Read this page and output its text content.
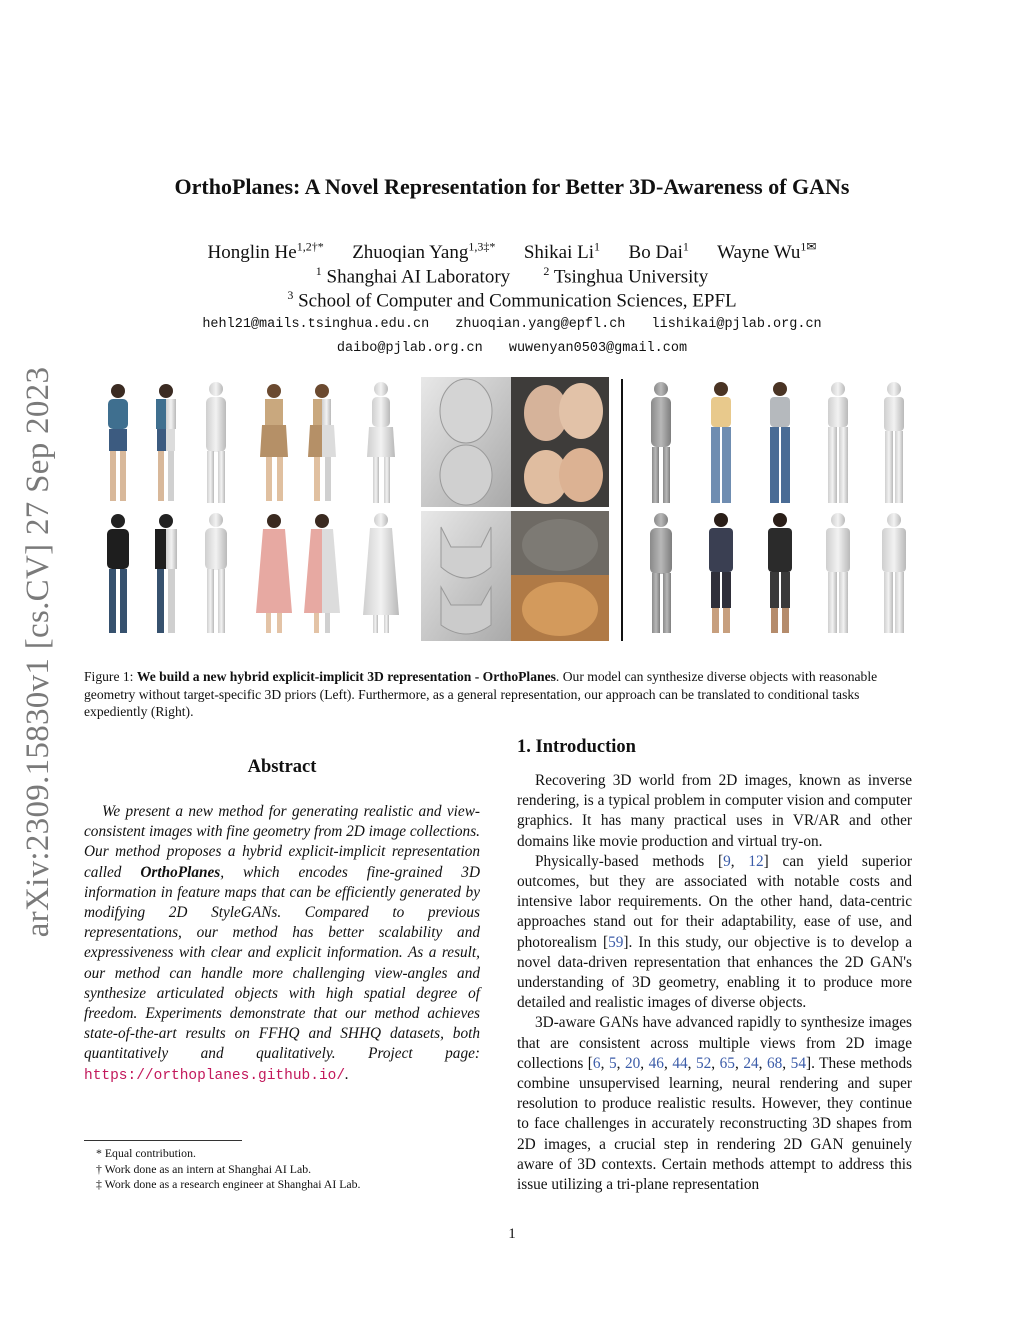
arXiv:2309.15830v1 [cs.CV] 27 Sep 2023
OrthoPlanes: A Novel Representation for Better 3D-Awareness of GANs
Honglin $He^{1,2\dagger*}$ Zhuoqian Yang$^{1,3\ddagger*}$ Shikai Li$^1$ Bo Dai$^1$ Wayne $Wu^{1✉}$
$^1$ Shanghai AI Laboratory	$^2$ Tsinghua University
$^3$ School of Computer and Communication Sciences, EPFL
hehl21@mails.tsinghua.edu.cn zhuoqian.yang@epfl.ch lishikai@pjlab.org.cn
daibo@pjlab.org.cn wuwenyan0503@gmail.com
Figure 1: We build a new hybrid explicit-implicit 3D representation - OrthoPlanes. Our model can synthesize diverse objects with reasonable geometry without target-specific 3D priors (Left). Furthermore, as a general representation, our approach can be translated to conditional tasks expediently (Right).
Abstract
We present a new method for generating realistic and view-consistent images with fine geometry from 2D image collections. Our method proposes a hybrid explicit-implicit representation called OrthoPlanes, which encodes fine-grained 3D information in feature maps that can be efficiently generated by modifying 2D StyleGANs. Compared to previous representations, our method has better scalability and expressiveness with clear and explicit information. As a result, our method can handle more challenging view-angles and synthesize articulated objects with high spatial degree of freedom. Experiments demonstrate that our method achieves state-of-the-art results on FFHQ and SHHQ datasets, both quantitatively and qualitatively. Project page: https://orthoplanes.github.io/.
* Equal contribution.
† Work done as an intern at Shanghai AI Lab.
‡ Work done as a research engineer at Shanghai AI Lab.
1. Introduction

Recovering 3D world from 2D images, known as inverse rendering, is a typical problem in computer vision and computer graphics. It has many practical uses in VR/AR and other domains like movie production and virtual try-on.

Physically-based methods [9, 12] can yield superior outcomes, but they are associated with notable costs and intensive labor requirements. On the other hand, data-centric approaches stand out for their adaptability, ease of use, and photorealism [59]. In this study, our objective is to develop a novel data-driven representation that enhances the 2D GAN's understanding of 3D geometry, enabling it to produce more detailed and realistic images of diverse objects.

3D-aware GANs have advanced rapidly to synthesize images that are consistent across multiple views from 2D image collections [6, 5, 20, 46, 44, 52, 65, 24, 68, 54]. These methods combine unsupervised learning, neural rendering and super resolution to produce realistic results. However, they continue to face challenges in accurately reconstructing 3D shapes from 2D images, a crucial step in rendering 2D GAN genuinely aware of 3D contexts. Certain methods attempt to address this issue utilizing a tri-plane representation

1
